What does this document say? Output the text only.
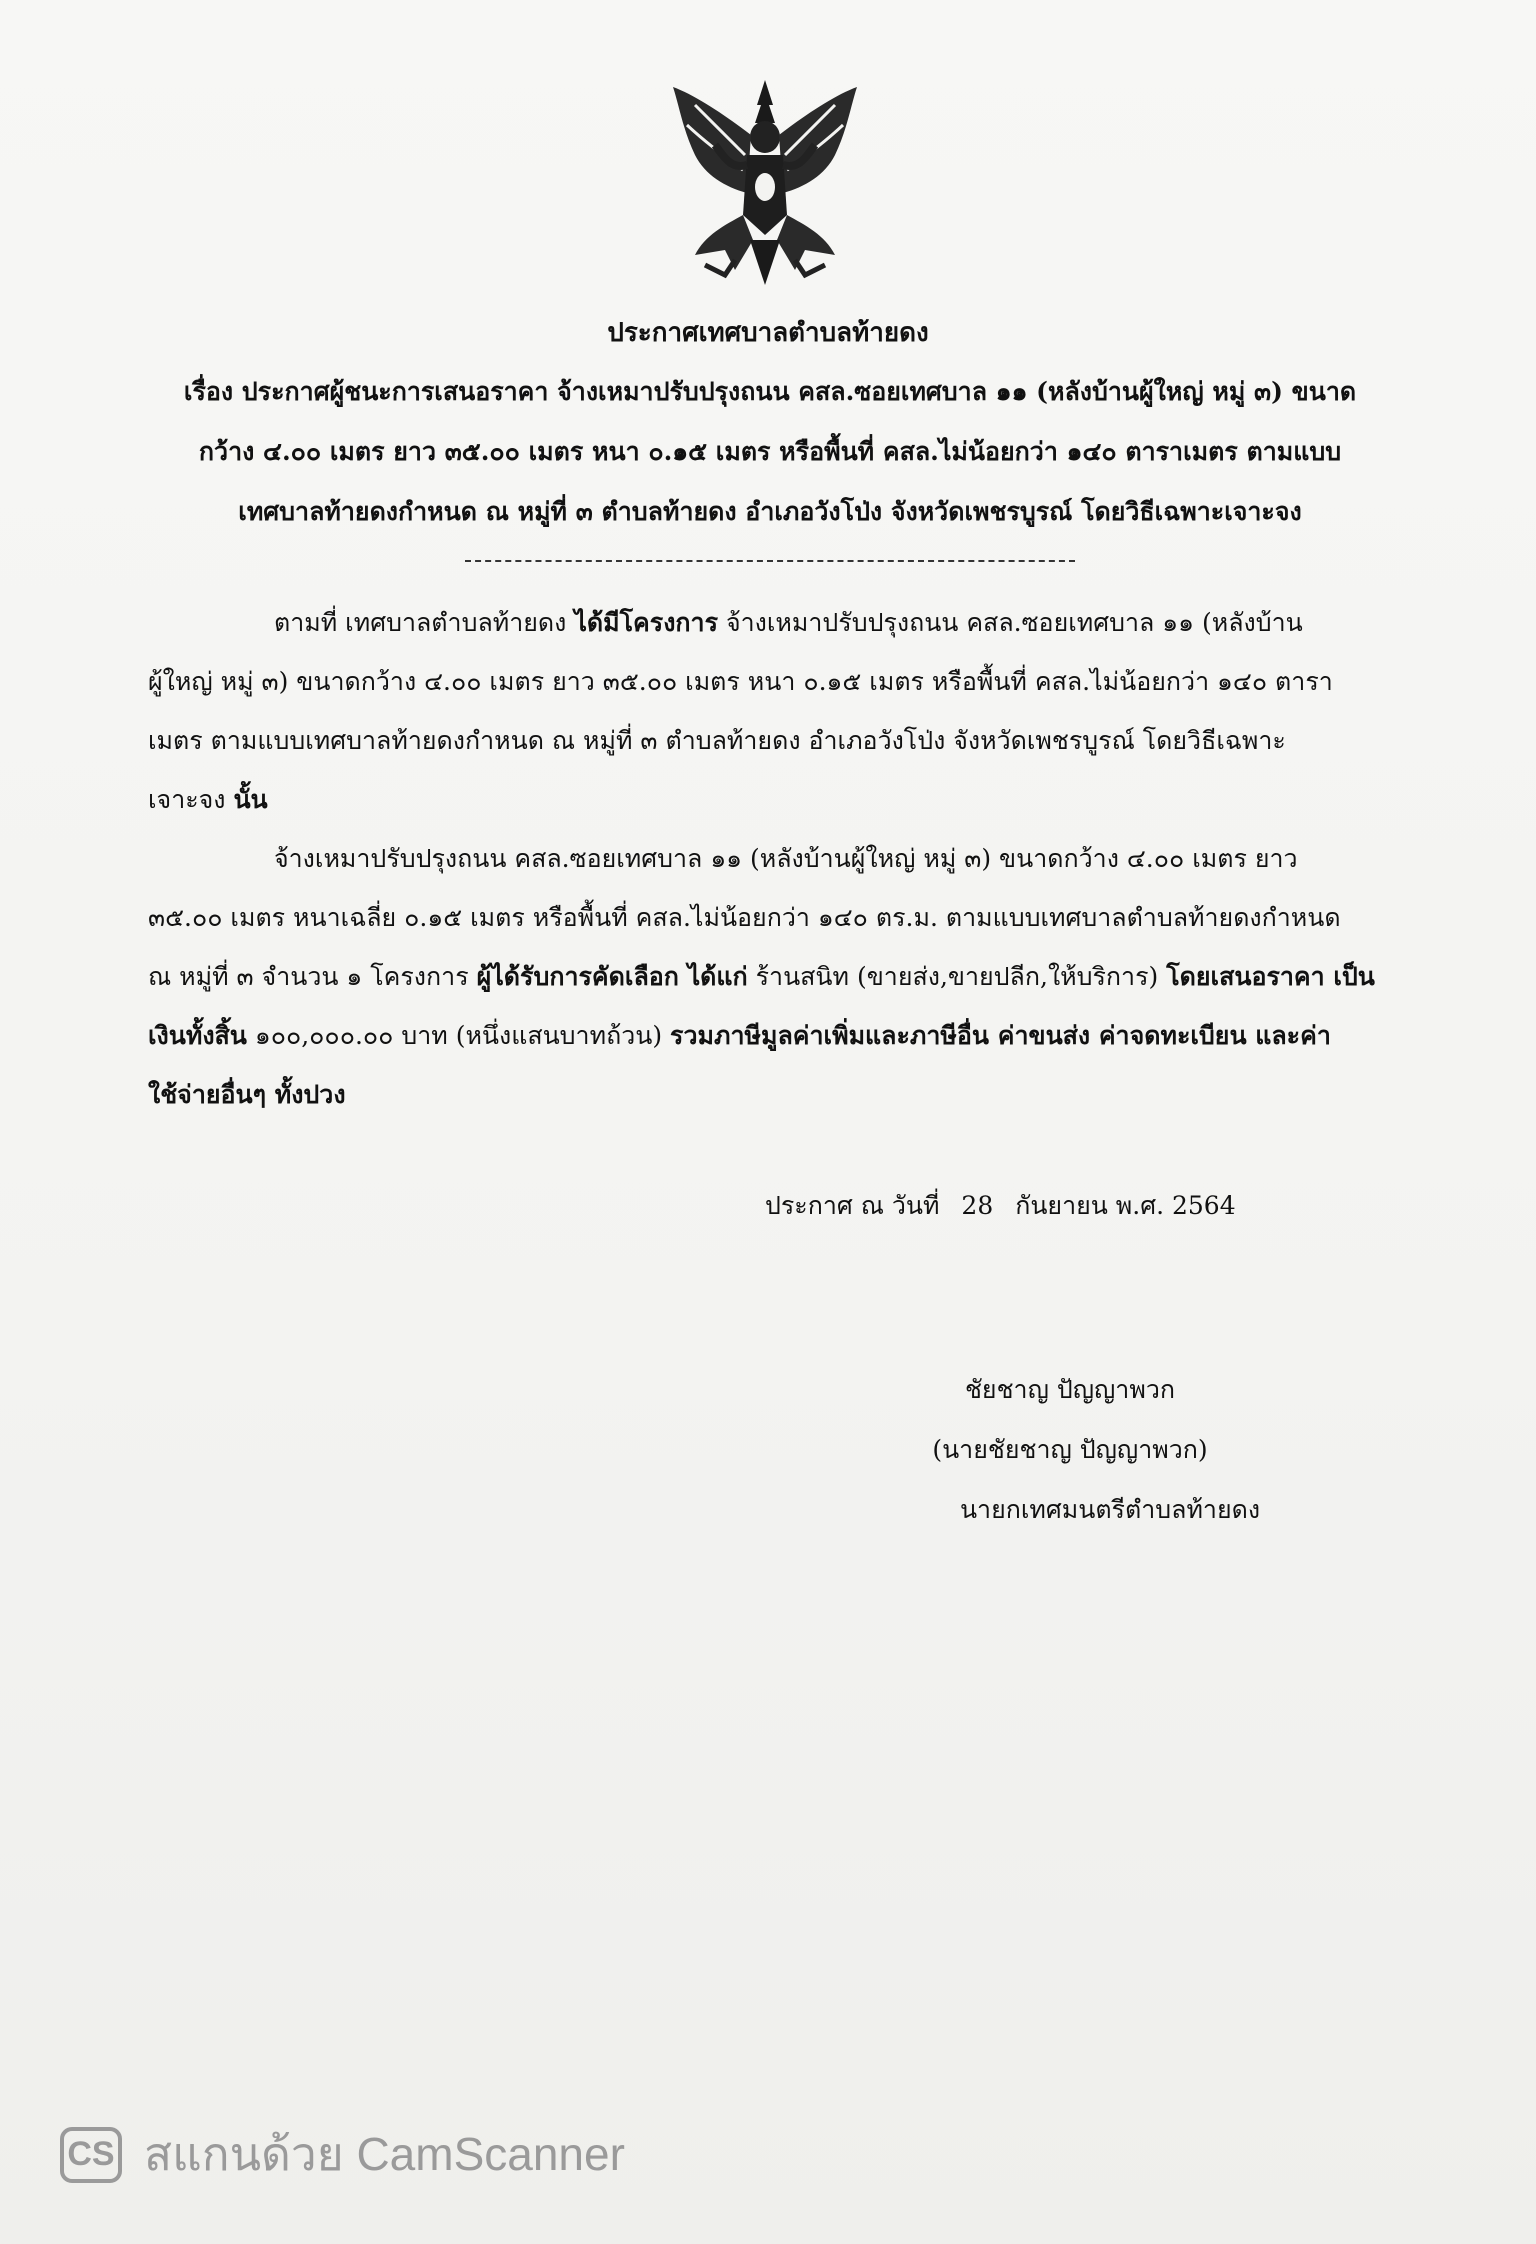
ประกาศเทศบาลตำบลท้ายดง
เรื่อง ประกาศผู้ชนะการเสนอราคา จ้างเหมาปรับปรุงถนน คสล.ซอยเทศบาล ๑๑ (หลังบ้านผู้ใหญ่ หมู่ ๓) ขนาด
กว้าง ๔.๐๐ เมตร ยาว ๓๕.๐๐ เมตร หนา ๐.๑๕ เมตร หรือพื้นที่ คสล.ไม่น้อยกว่า ๑๔๐ ตาราเมตร ตามแบบ
เทศบาลท้ายดงกำหนด ณ หมู่ที่ ๓ ตำบลท้ายดง อำเภอวังโป่ง จังหวัดเพชรบูรณ์ โดยวิธีเฉพาะเจาะจง
ตามที่ เทศบาลตำบลท้ายดง ได้มีโครงการ จ้างเหมาปรับปรุงถนน คสล.ซอยเทศบาล ๑๑ (หลังบ้าน
ผู้ใหญ่ หมู่ ๓) ขนาดกว้าง ๔.๐๐ เมตร ยาว ๓๕.๐๐ เมตร หนา ๐.๑๕ เมตร หรือพื้นที่ คสล.ไม่น้อยกว่า ๑๔๐ ตารา
เมตร ตามแบบเทศบาลท้ายดงกำหนด ณ หมู่ที่ ๓ ตำบลท้ายดง อำเภอวังโป่ง จังหวัดเพชรบูรณ์ โดยวิธีเฉพาะ
เจาะจง นั้น
จ้างเหมาปรับปรุงถนน คสล.ซอยเทศบาล ๑๑ (หลังบ้านผู้ใหญ่ หมู่ ๓) ขนาดกว้าง ๔.๐๐ เมตร ยาว
๓๕.๐๐ เมตร หนาเฉลี่ย ๐.๑๕ เมตร หรือพื้นที่ คสล.ไม่น้อยกว่า ๑๔๐ ตร.ม. ตามแบบเทศบาลตำบลท้ายดงกำหนด
ณ หมู่ที่ ๓ จำนวน ๑ โครงการ ผู้ได้รับการคัดเลือก ได้แก่ ร้านสนิท (ขายส่ง,ขายปลีก,ให้บริการ) โดยเสนอราคา เป็น
เงินทั้งสิ้น ๑๐๐,๐๐๐.๐๐ บาท (หนึ่งแสนบาทถ้วน) รวมภาษีมูลค่าเพิ่มและภาษีอื่น ค่าขนส่ง ค่าจดทะเบียน และค่า
ใช้จ่ายอื่นๆ ทั้งปวง
ประกาศ ณ วันที่ 28 กันยายน พ.ศ. 2564
ชัยชาญ ปัญญาพวก
(นายชัยชาญ ปัญญาพวก)
นายกเทศมนตรีตำบลท้ายดง
CS สแกนด้วย CamScanner
